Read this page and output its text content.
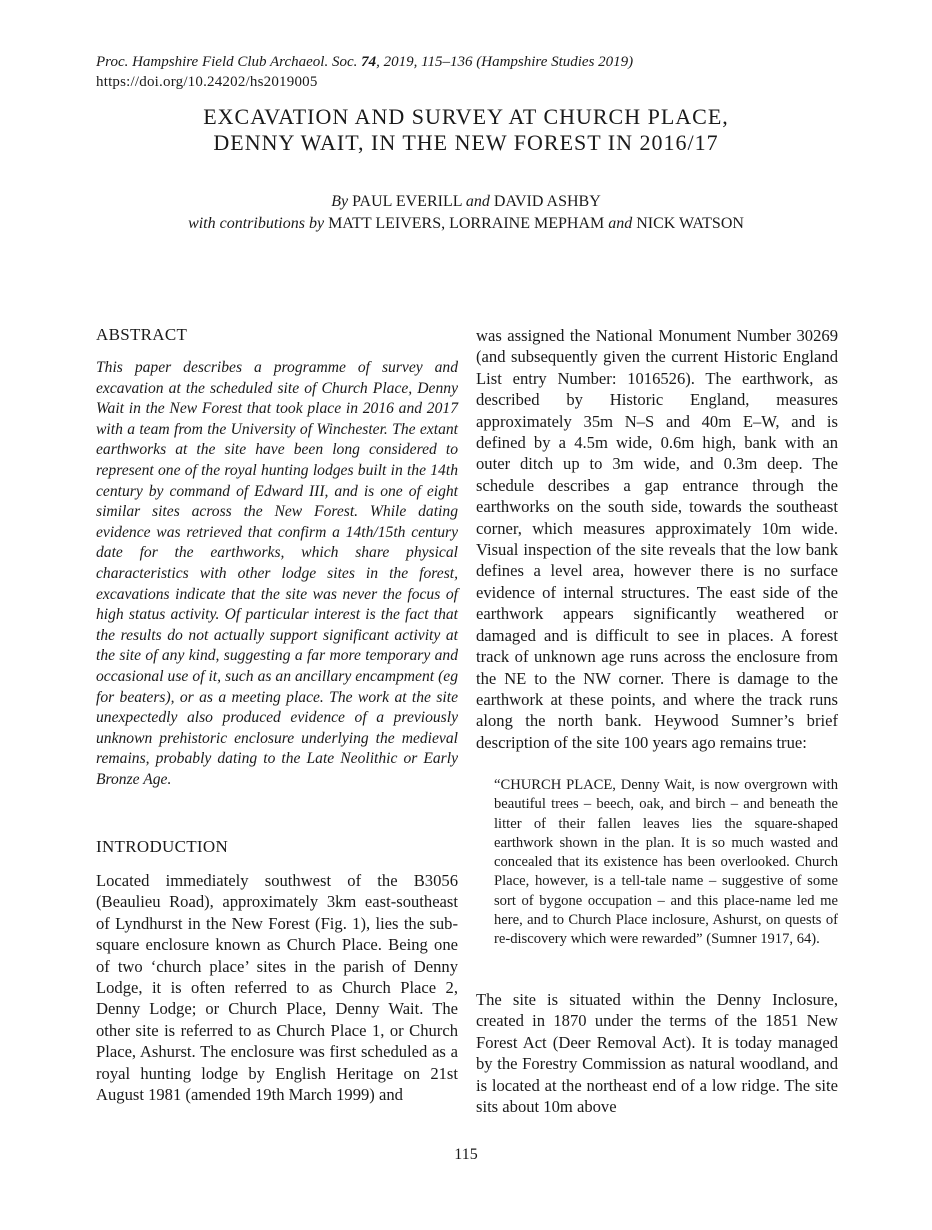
Proc. Hampshire Field Club Archaeol. Soc. 74, 2019, 115–136 (Hampshire Studies 2019)
https://doi.org/10.24202/hs2019005
EXCAVATION AND SURVEY AT CHURCH PLACE,
DENNY WAIT, IN THE NEW FOREST IN 2016/17
By PAUL EVERILL and DAVID ASHBY
with contributions by MATT LEIVERS, LORRAINE MEPHAM and NICK WATSON
ABSTRACT

This paper describes a programme of survey and excavation at the scheduled site of Church Place, Denny Wait in the New Forest that took place in 2016 and 2017 with a team from the University of Winchester. The extant earthworks at the site have been long considered to represent one of the royal hunting lodges built in the 14th century by command of Edward III, and is one of eight similar sites across the New Forest. While dating evidence was retrieved that confirm a 14th/15th century date for the earthworks, which share physical characteristics with other lodge sites in the forest, excavations indicate that the site was never the focus of high status activity. Of particular interest is the fact that the results do not actually support significant activity at the site of any kind, suggesting a far more temporary and occasional use of it, such as an ancillary encampment (eg for beaters), or as a meeting place. The work at the site unexpectedly also produced evidence of a previously unknown prehistoric enclosure underlying the medieval remains, probably dating to the Late Neolithic or Early Bronze Age.

INTRODUCTION

Located immediately southwest of the B3056 (Beaulieu Road), approximately 3km east-southeast of Lyndhurst in the New Forest (Fig. 1), lies the sub-square enclosure known as Church Place. Being one of two ‘church place’ sites in the parish of Denny Lodge, it is often referred to as Church Place 2, Denny Lodge; or Church Place, Denny Wait. The other site is referred to as Church Place 1, or Church Place, Ashurst. The enclosure was first scheduled as a royal hunting lodge by English Heritage on 21st August 1981 (amended 19th March 1999) and

was assigned the National Monument Number 30269 (and subsequently given the current Historic England List entry Number: 1016526). The earthwork, as described by Historic England, measures approximately 35m N–S and 40m E–W, and is defined by a 4.5m wide, 0.6m high, bank with an outer ditch up to 3m wide, and 0.3m deep. The schedule describes a gap entrance through the earthworks on the south side, towards the southeast corner, which measures approximately 10m wide. Visual inspection of the site reveals that the low bank defines a level area, however there is no surface evidence of internal structures. The east side of the earthwork appears significantly weathered or damaged and is difficult to see in places. A forest track of unknown age runs across the enclosure from the NE to the NW corner. There is damage to the earthwork at these points, and where the track runs along the north bank. Heywood Sumner’s brief description of the site 100 years ago remains true:

“CHURCH PLACE, Denny Wait, is now overgrown with beautiful trees – beech, oak, and birch – and beneath the litter of their fallen leaves lies the square-shaped earthwork shown in the plan. It is so much wasted and concealed that its existence has been overlooked. Church Place, however, is a tell-tale name – suggestive of some sort of bygone occupation – and this place-name led me here, and to Church Place inclosure, Ashurst, on quests of re-discovery which were rewarded” (Sumner 1917, 64).

The site is situated within the Denny Inclosure, created in 1870 under the terms of the 1851 New Forest Act (Deer Removal Act). It is today managed by the Forestry Commission as natural woodland, and is located at the northeast end of a low ridge. The site sits about 10m above

115
